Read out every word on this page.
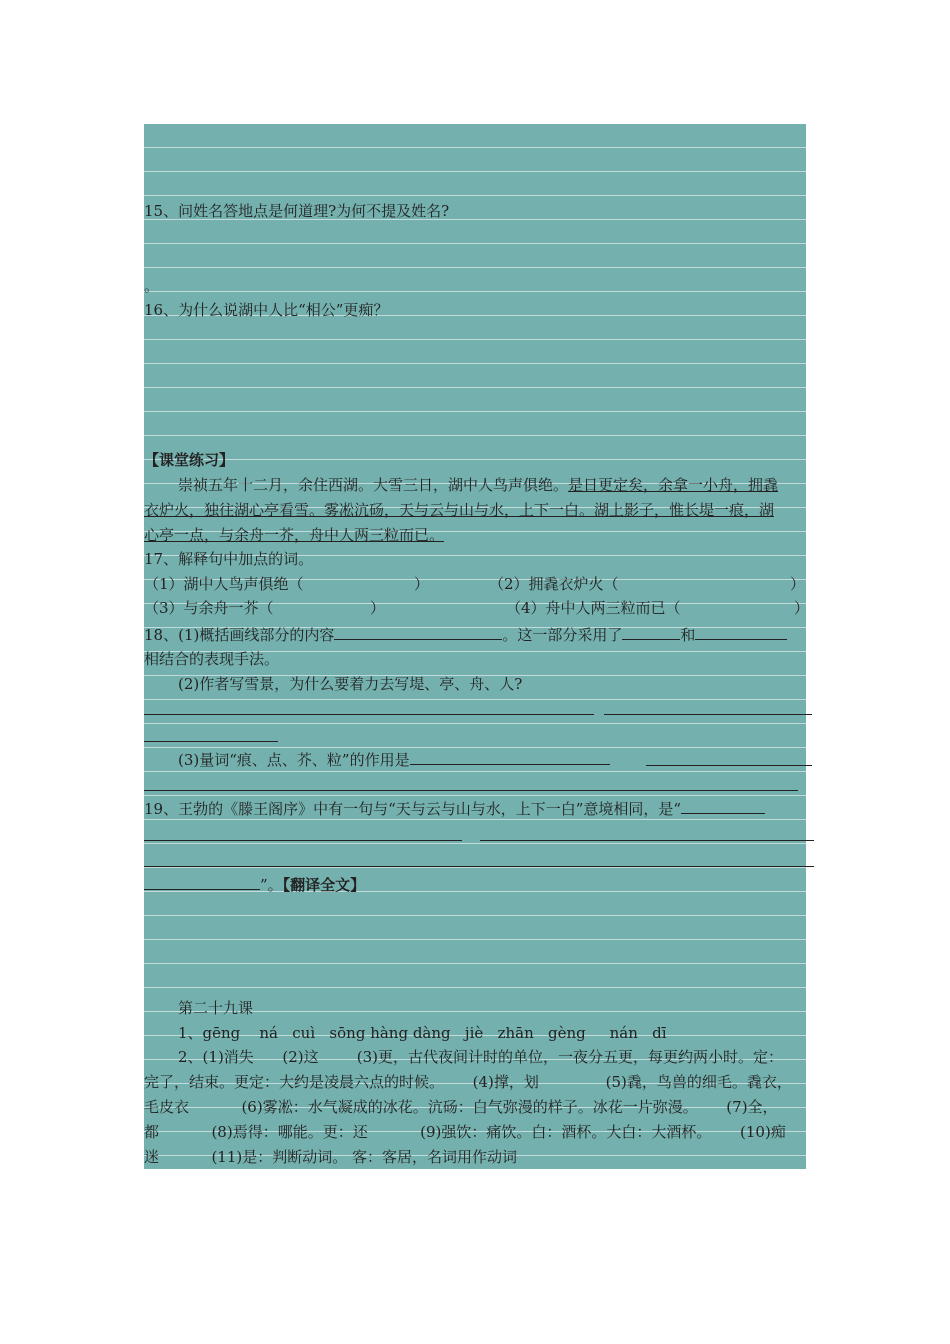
15、问姓名答地点是何道理?为何不提及姓名?
。
16、为什么说湖中人比“相公”更痴？
【课堂练习】
崇祯五年十二月，余住西湖。大雪三日，湖中人鸟声俱绝。是日更定矣，余拿一小舟，拥毳
衣炉火，独往湖心亭看雪。雾凇沆砀，天与云与山与水，上下一白。湖上影子，惟长堤一痕，湖
心亭一点，与余舟一芥，舟中人两三粒而已。
17、解释句中加点的词。
（1）湖中人鸟声俱绝（	）	（2）拥毳衣炉火（	）
（3）与余舟一芥（	）	（4）舟中人两三粒而已（	）
18、(1)概括画线部分的内容	。这一部分采用了	和
相结合的表现手法。
(2)作者写雪景，为什么要着力去写堤、亭、舟、人?
(3)量词“痕、点、芥、粒”的作用是
19、王勃的《滕王阁序》中有一句与“天与云与山与水，上下一白”意境相同，是“
”。【翻译全文】
第二十九课
1、gēng    ná   cuì   sōng hàng dàng   jiè   zhān   gèng     nán   dī
2、(1)消失      (2)这        (3)更，古代夜间计时的单位，一夜分五更，每更约两小时。定：
完了，结束。更定：大约是凌晨六点的时候。      (4)撑，划              (5)毳，鸟兽的细毛。毳衣，
毛皮衣           (6)雾凇：水气凝成的冰花。沆砀：白气弥漫的样子。冰花一片弥漫。      (7)全，
都           (8)焉得：哪能。更：还           (9)强饮：痛饮。白：酒杯。大白：大酒杯。      (10)痴
迷           (11)是：判断动词。 客：客居，名词用作动词
